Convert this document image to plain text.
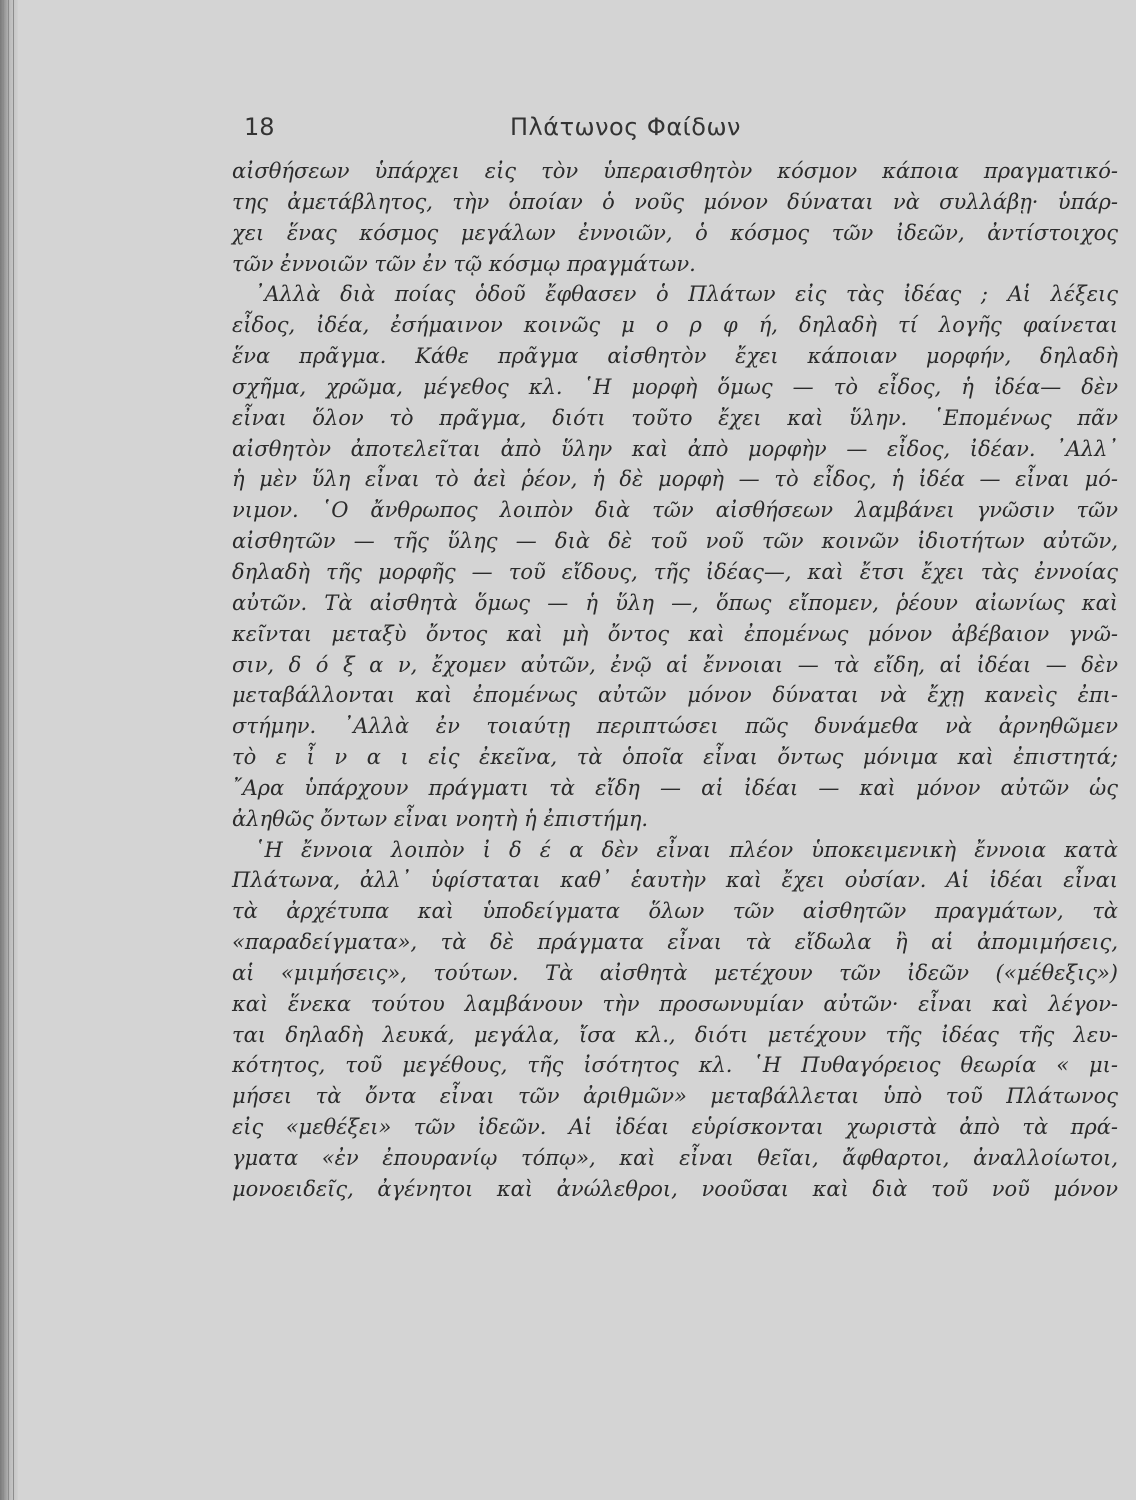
18	Πλάτωνος Φαίδων
αἰσθήσεων ὑπάρχει εἰς τὸν ὑπεραισθητὸν κόσμον κάποια πραγματικό-
της ἀμετάβλητος, τὴν ὁποίαν ὁ νοῦς μόνον δύναται νὰ συλλάβῃ· ὑπάρ-
χει ἕνας κόσμος μεγάλων ἐννοιῶν, ὁ κόσμος τῶν ἰδεῶν, ἀντίστοιχος
τῶν ἐννοιῶν τῶν ἐν τῷ κόσμῳ πραγμάτων.
᾿Αλλὰ διὰ ποίας ὁδοῦ ἔφθασεν ὁ Πλάτων εἰς τὰς ἰδέας ; Αἱ λέξεις
εἶδος, ἰδέα, ἐσήμαινον κοινῶς μ ο ρ φ ή, δηλαδὴ τί λογῆς φαίνεται
ἕνα πρᾶγμα. Κάθε πρᾶγμα αἰσθητὸν ἔχει κάποιαν μορφήν, δηλαδὴ
σχῆμα, χρῶμα, μέγεθος κλ. ῾Η μορφὴ ὅμως — τὸ εἶδος, ἡ ἰδέα— δὲν
εἶναι ὅλον τὸ πρᾶγμα, διότι τοῦτο ἔχει καὶ ὕλην. ῾Επομένως πᾶν
αἰσθητὸν ἀποτελεῖται ἀπὸ ὕλην καὶ ἀπὸ μορφὴν — εἶδος, ἰδέαν. ᾿Αλλ᾿
ἡ μὲν ὕλη εἶναι τὸ ἀεὶ ῥέον, ἡ δὲ μορφὴ — τὸ εἶδος, ἡ ἰδέα — εἶναι μό-
νιμον. ῾Ο ἄνθρωπος λοιπὸν διὰ τῶν αἰσθήσεων λαμβάνει γνῶσιν τῶν
αἰσθητῶν — τῆς ὕλης — διὰ δὲ τοῦ νοῦ τῶν κοινῶν ἰδιοτήτων αὐτῶν,
δηλαδὴ τῆς μορφῆς — τοῦ εἴδους, τῆς ἰδέας—, καὶ ἔτσι ἔχει τὰς ἐννοίας
αὐτῶν. Τὰ αἰσθητὰ ὅμως — ἡ ὕλη —, ὅπως εἴπομεν, ῥέουν αἰωνίως καὶ
κεῖνται μεταξὺ ὄντος καὶ μὴ ὄντος καὶ ἐπομένως μόνον ἀβέβαιον γνῶ-
σιν, δ ό ξ α ν, ἔχομεν αὐτῶν, ἐνῷ αἱ ἔννοιαι — τὰ εἴδη, αἱ ἰδέαι — δὲν
μεταβάλλονται καὶ ἐπομένως αὐτῶν μόνον δύναται νὰ ἔχῃ κανεὶς ἐπι-
στήμην. ᾿Αλλὰ ἐν τοιαύτῃ περιπτώσει πῶς δυνάμεθα νὰ ἀρνηθῶμεν
τὸ ε ἶ ν α ι εἰς ἐκεῖνα, τὰ ὁποῖα εἶναι ὄντως μόνιμα καὶ ἐπιστητά;
῎Αρα ὑπάρχουν πράγματι τὰ εἴδη — αἱ ἰδέαι — καὶ μόνον αὐτῶν ὡς
ἀληθῶς ὄντων εἶναι νοητὴ ἡ ἐπιστήμη.
῾Η ἔννοια λοιπὸν ἰ δ έ α δὲν εἶναι πλέον ὑποκειμενικὴ ἔννοια κατὰ
Πλάτωνα, ἀλλ᾿ ὑφίσταται καθ᾿ ἑαυτὴν καὶ ἔχει οὐσίαν. Αἱ ἰδέαι εἶναι
τὰ ἀρχέτυπα καὶ ὑποδείγματα ὅλων τῶν αἰσθητῶν πραγμάτων, τὰ
«παραδείγματα», τὰ δὲ πράγματα εἶναι τὰ εἴδωλα ἢ αἱ ἀπομιμήσεις,
αἱ «μιμήσεις», τούτων. Τὰ αἰσθητὰ μετέχουν τῶν ἰδεῶν («μέθεξις»)
καὶ ἕνεκα τούτου λαμβάνουν τὴν προσωνυμίαν αὐτῶν· εἶναι καὶ λέγον-
ται δηλαδὴ λευκά, μεγάλα, ἴσα κλ., διότι μετέχουν τῆς ἰδέας τῆς λευ-
κότητος, τοῦ μεγέθους, τῆς ἰσότητος κλ. ῾Η Πυθαγόρειος θεωρία « μι-
μήσει τὰ ὄντα εἶναι τῶν ἀριθμῶν» μεταβάλλεται ὑπὸ τοῦ Πλάτωνος
εἰς «μεθέξει» τῶν ἰδεῶν. Αἱ ἰδέαι εὑρίσκονται χωριστὰ ἀπὸ τὰ πρά-
γματα «ἐν ἐπουρανίῳ τόπῳ», καὶ εἶναι θεῖαι, ἄφθαρτοι, ἀναλλοίωτοι,
μονοειδεῖς, ἀγένητοι καὶ ἀνώλεθροι, νοοῦσαι καὶ διὰ τοῦ νοῦ μόνον
